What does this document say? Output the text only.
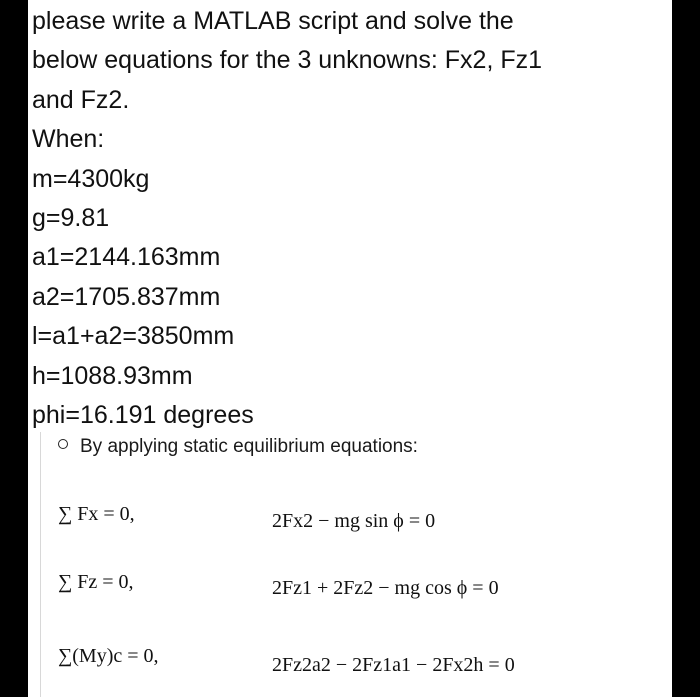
please write a MATLAB script and solve the
below equations for the 3 unknowns: Fx2, Fz1
and Fz2.
When:
m=4300kg
g=9.81
a1=2144.163mm
a2=1705.837mm
l=a1+a2=3850mm
h=1088.93mm
phi=16.191 degrees
By applying static equilibrium equations:
∑ Fx = 0,	2Fx2 − mg sin ϕ = 0
∑ Fz = 0,	2Fz1 + 2Fz2 − mg cos ϕ = 0
∑(My)c = 0,	2Fz2a2 − 2Fz1a1 − 2Fx2h = 0
